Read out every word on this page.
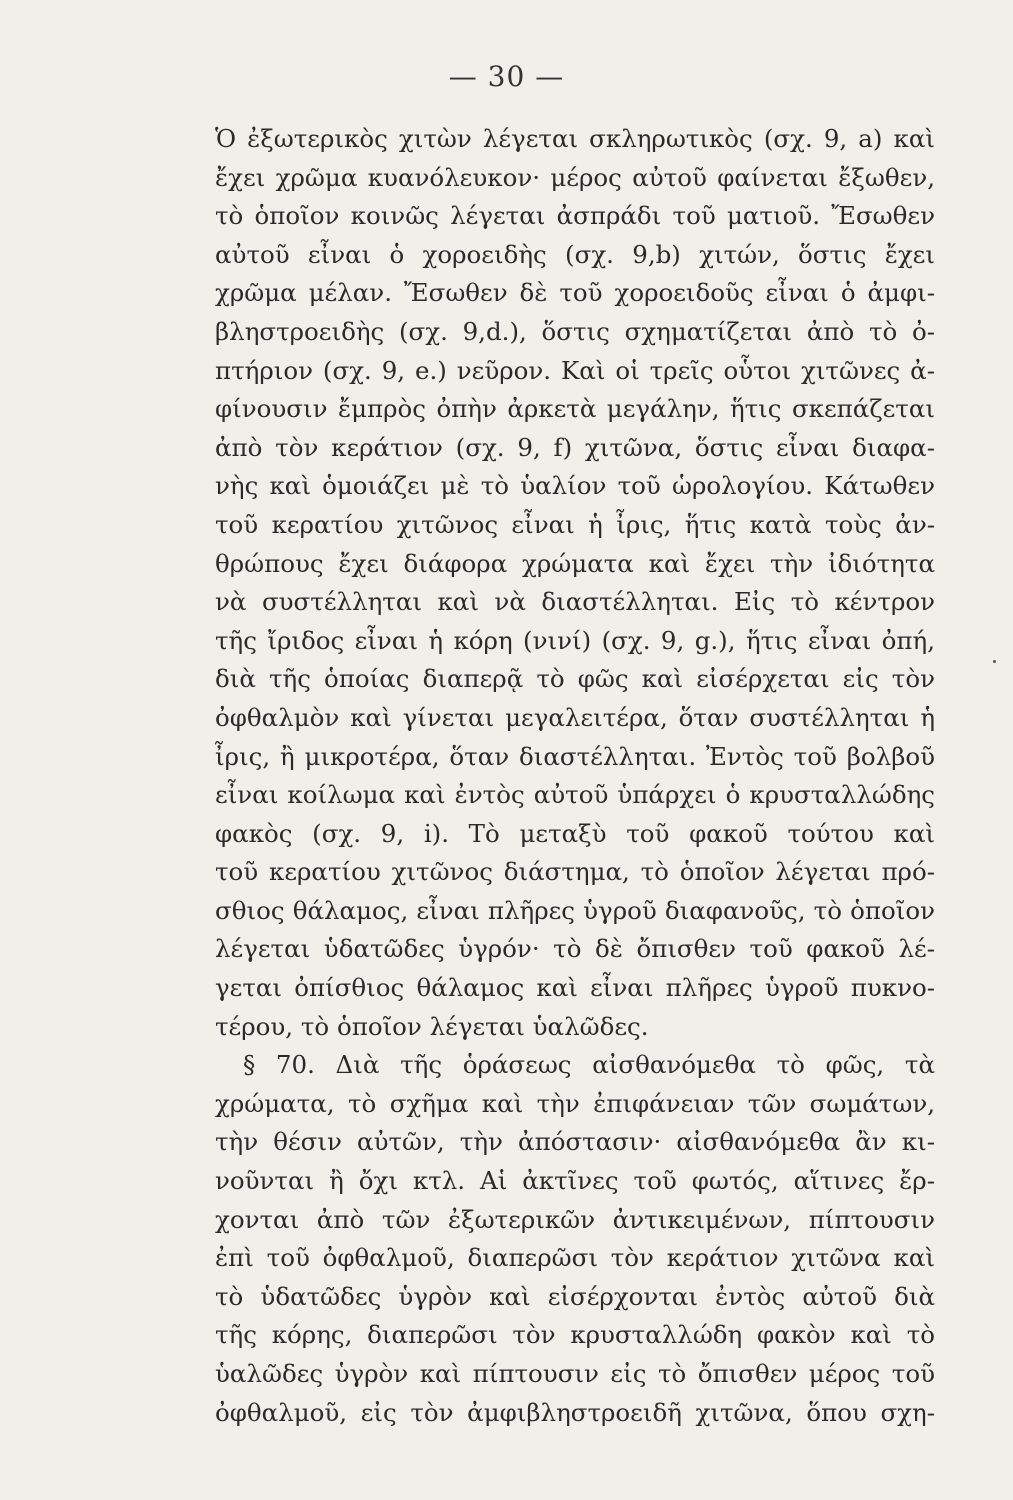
— 30 —
Ὁ ἐξωτερικὸς χιτὼν λέγεται σκληρωτικὸς (σχ. 9, a) καὶ
ἔχει χρῶμα κυανόλευκον· μέρος αὐτοῦ φαίνεται ἔξωθεν,
τὸ ὁποῖον κοινῶς λέγεται ἀσπράδι τοῦ ματιοῦ. Ἔσωθεν
αὐτοῦ εἶναι ὁ χοροειδὴς (σχ. 9,b) χιτών, ὅστις ἔχει
χρῶμα μέλαν. Ἔσωθεν δὲ τοῦ χοροειδοῦς εἶναι ὁ ἀμφι-
βληστροειδὴς (σχ. 9,d.), ὅστις σχηματίζεται ἀπὸ τὸ ὀ-
πτήριον (σχ. 9, e.) νεῦρον. Καὶ οἱ τρεῖς οὗτοι χιτῶνες ἀ-
φίνουσιν ἔμπρὸς ὀπὴν ἀρκετὰ μεγάλην, ἥτις σκεπάζεται
ἀπὸ τὸν κεράτιον (σχ. 9, f) χιτῶνα, ὅστις εἶναι διαφα-
νὴς καὶ ὁμοιάζει μὲ τὸ ὑαλίον τοῦ ὡρολογίου. Κάτωθεν
τοῦ κερατίου χιτῶνος εἶναι ἡ ἶρις, ἥτις κατὰ τοὺς ἀν-
θρώπους ἔχει διάφορα χρώματα καὶ ἔχει τὴν ἰδιότητα
νὰ συστέλληται καὶ νὰ διαστέλληται. Εἰς τὸ κέντρον
τῆς ἴριδος εἶναι ἡ κόρη (νινί) (σχ. 9, g.), ἥτις εἶναι ὀπή,
διὰ τῆς ὁποίας διαπερᾷ τὸ φῶς καὶ εἰσέρχεται εἰς τὸν
ὀφθαλμὸν καὶ γίνεται μεγαλειτέρα, ὅταν συστέλληται ἡ
ἶρις, ἢ μικροτέρα, ὅταν διαστέλληται. Ἐντὸς τοῦ βολβοῦ
εἶναι κοίλωμα καὶ ἐντὸς αὐτοῦ ὑπάρχει ὁ κρυσταλλώδης
φακὸς (σχ. 9, i). Τὸ μεταξὺ τοῦ φακοῦ τούτου καὶ
τοῦ κερατίου χιτῶνος διάστημα, τὸ ὁποῖον λέγεται πρό-
σθιος θάλαμος, εἶναι πλῆρες ὑγροῦ διαφανοῦς, τὸ ὁποῖον
λέγεται ὑδατῶδες ὑγρόν· τὸ δὲ ὄπισθεν τοῦ φακοῦ λέ-
γεται ὀπίσθιος θάλαμος καὶ εἶναι πλῆρες ὑγροῦ πυκνο-
τέρου, τὸ ὁποῖον λέγεται ὑαλῶδες.
§ 70. Διὰ τῆς ὁράσεως αἰσθανόμεθα τὸ φῶς, τὰ
χρώματα, τὸ σχῆμα καὶ τὴν ἐπιφάνειαν τῶν σωμάτων,
τὴν θέσιν αὐτῶν, τὴν ἀπόστασιν· αἰσθανόμεθα ἂν κι-
νοῦνται ἢ ὄχι κτλ. Αἱ ἀκτῖνες τοῦ φωτός, αἵτινες ἔρ-
χονται ἀπὸ τῶν ἐξωτερικῶν ἀντικειμένων, πίπτουσιν
ἐπὶ τοῦ ὀφθαλμοῦ, διαπερῶσι τὸν κεράτιον χιτῶνα καὶ
τὸ ὑδατῶδες ὑγρὸν καὶ εἰσέρχονται ἐντὸς αὐτοῦ διὰ
τῆς κόρης, διαπερῶσι τὸν κρυσταλλώδη φακὸν καὶ τὸ
ὑαλῶδες ὑγρὸν καὶ πίπτουσιν εἰς τὸ ὄπισθεν μέρος τοῦ
ὀφθαλμοῦ, εἰς τὸν ἀμφιβληστροειδῆ χιτῶνα, ὅπου σχη-
